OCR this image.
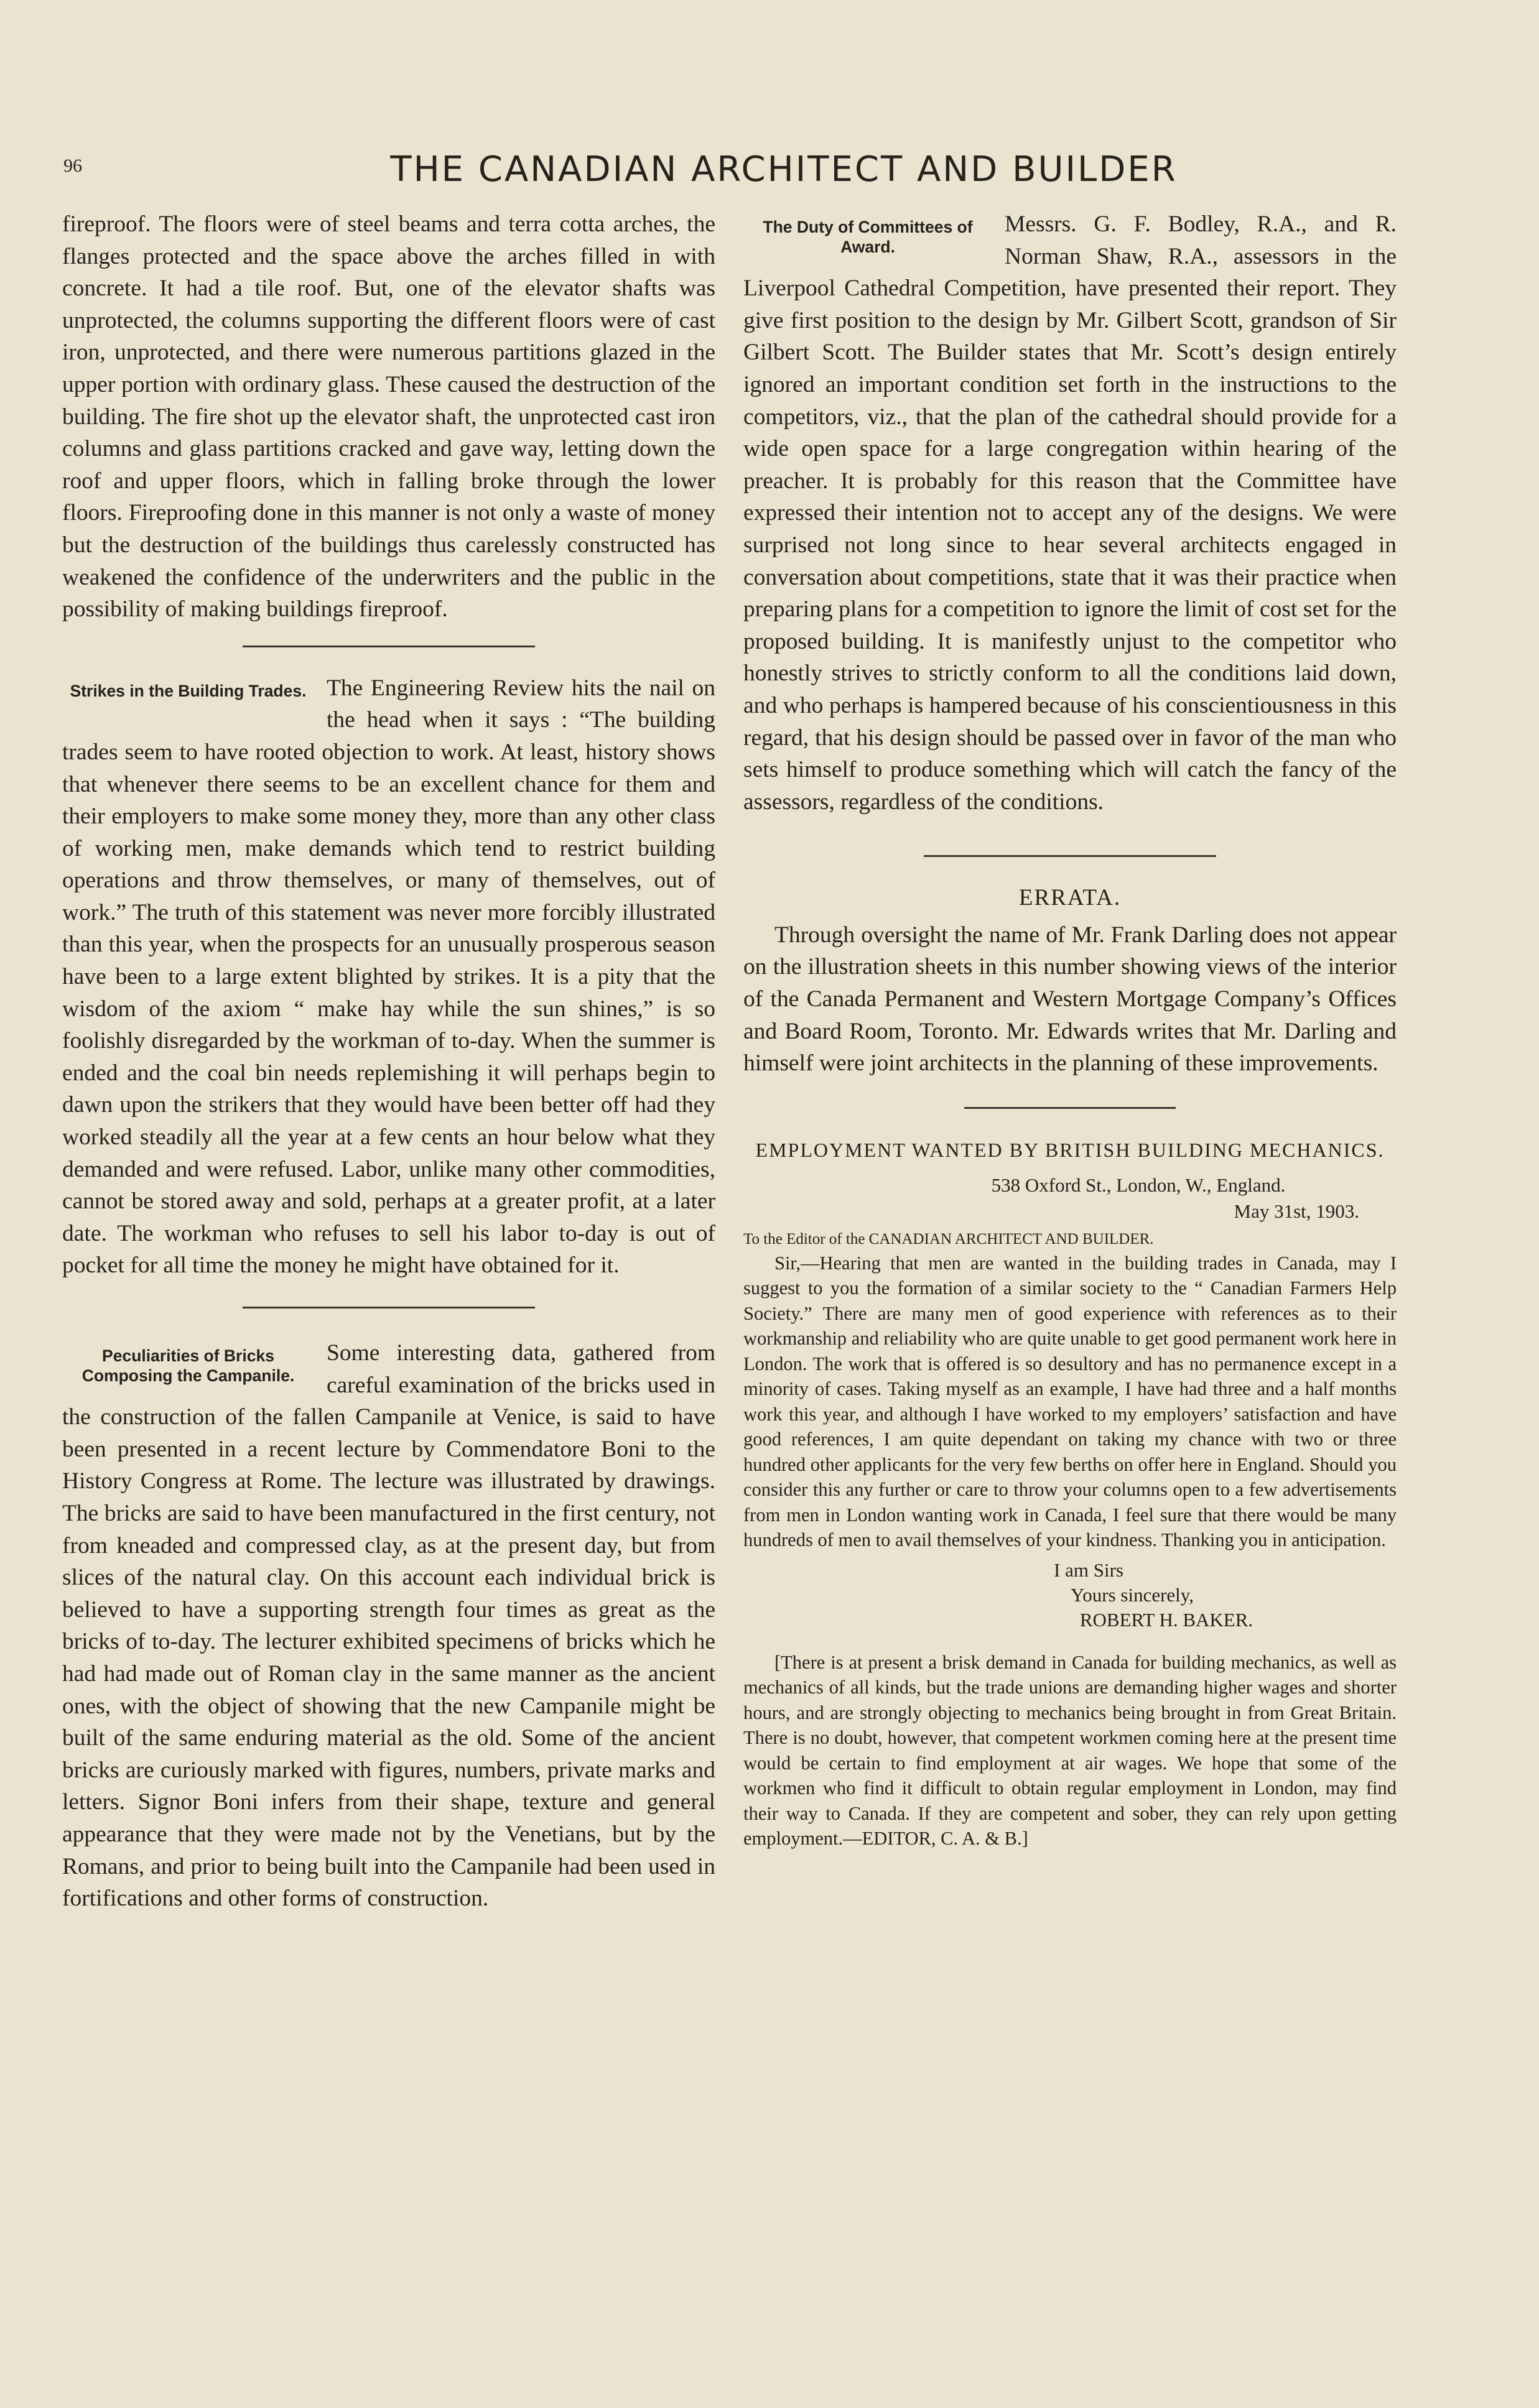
96	THE CANADIAN ARCHITECT AND BUILDER

fireproof. The floors were of steel beams and terra cotta arches, the flanges protected and the space above the arches filled in with concrete. It had a tile roof. But, one of the elevator shafts was unprotected, the columns supporting the different floors were of cast iron, unprotected, and there were numerous partitions glazed in the upper portion with ordinary glass. These caused the destruction of the building. The fire shot up the elevator shaft, the unprotected cast iron columns and glass partitions cracked and gave way, letting down the roof and upper floors, which in falling broke through the lower floors. Fireproofing done in this manner is not only a waste of money but the destruction of the buildings thus carelessly constructed has weakened the confidence of the underwriters and the public in the possibility of making buildings fireproof.

Strikes in the Building Trades. The Engineering Review hits the nail on the head when it says : “The building trades seem to have rooted objection to work. At least, history shows that whenever there seems to be an excellent chance for them and their employers to make some money they, more than any other class of working men, make demands which tend to restrict building operations and throw themselves, or many of themselves, out of work.” The truth of this statement was never more forcibly illustrated than this year, when the prospects for an unusually prosperous season have been to a large extent blighted by strikes. It is a pity that the wisdom of the axiom “ make hay while the sun shines,” is so foolishly disregarded by the workman of to-day. When the summer is ended and the coal bin needs replemishing it will perhaps begin to dawn upon the strikers that they would have been better off had they worked steadily all the year at a few cents an hour below what they demanded and were refused. Labor, unlike many other commodities, cannot be stored away and sold, perhaps at a greater profit, at a later date. The workman who refuses to sell his labor to-day is out of pocket for all time the money he might have obtained for it.

Peculiarities of Bricks Composing the Campanile.

Some interesting data, gathered from careful examination of the bricks used in the construction of the fallen Campanile at Venice, is said to have been presented in a recent lecture by Commendatore Boni to the History Congress at Rome. The lecture was illustrated by drawings. The bricks are said to have been manufactured in the first century, not from kneaded and compressed clay, as at the present day, but from slices of the natural clay. On this account each individual brick is believed to have a supporting strength four times as great as the bricks of to-day. The lecturer exhibited specimens of bricks which he had had made out of Roman clay in the same manner as the ancient ones, with the object of showing that the new Campanile might be built of the same enduring material as the old. Some of the ancient bricks are curiously marked with figures, numbers, private marks and letters. Signor Boni infers from their shape, texture and general appearance that they were made not by the Venetians, but by the Romans, and prior to being built into the Campanile had been used in fortifications and other forms of construction.

The Duty of Committees of Award.

Messrs. G. F. Bodley, R.A., and R. Norman Shaw, R.A., assessors in the Liverpool Cathedral Competition, have presented their report. They give first position to the design by Mr. Gilbert Scott, grandson of Sir Gilbert Scott. The Builder states that Mr. Scott’s design entirely ignored an important condition set forth in the instructions to the competitors, viz., that the plan of the cathedral should provide for a wide open space for a large congregation within hearing of the preacher. It is probably for this reason that the Committee have expressed their intention not to accept any of the designs. We were surprised not long since to hear several architects engaged in conversation about competitions, state that it was their practice when preparing plans for a competition to ignore the limit of cost set for the proposed building. It is manifestly unjust to the competitor who honestly strives to strictly conform to all the conditions laid down, and who perhaps is hampered because of his conscientiousness in this regard, that his design should be passed over in favor of the man who sets himself to produce something which will catch the fancy of the assessors, regardless of the conditions.

ERRATA.

Through oversight the name of Mr. Frank Darling does not appear on the illustration sheets in this number showing views of the interior of the Canada Permanent and Western Mortgage Company’s Offices and Board Room, Toronto. Mr. Edwards writes that Mr. Darling and himself were joint architects in the planning of these improvements.

EMPLOYMENT WANTED BY BRITISH BUILDING MECHANICS.
538 Oxford St., London, W., England.
May 31st, 1903.
To the Editor of the CANADIAN ARCHITECT AND BUILDER.

Sir,—Hearing that men are wanted in the building trades in Canada, may I suggest to you the formation of a similar society to the “ Canadian Farmers Help Society.” There are many men of good experience with references as to their workmanship and reliability who are quite unable to get good permanent work here in London. The work that is offered is so desultory and has no permanence except in a minority of cases. Taking myself as an example, I have had three and a half months work this year, and although I have worked to my employers’ satisfaction and have good references, I am quite dependant on taking my chance with two or three hundred other applicants for the very few berths on offer here in England. Should you consider this any further or care to throw your columns open to a few advertisements from men in London wanting work in Canada, I feel sure that there would be many hundreds of men to avail themselves of your kindness. Thanking you in anticipation.

I am Sirs
Yours sincerely,
ROBERT H. BAKER.

[There is at present a brisk demand in Canada for building mechanics, as well as mechanics of all kinds, but the trade unions are demanding higher wages and shorter hours, and are strongly objecting to mechanics being brought in from Great Britain. There is no doubt, however, that competent workmen coming here at the present time would be certain to find employment at air wages. We hope that some of the workmen who find it difficult to obtain regular employment in London, may find their way to Canada. If they are competent and sober, they can rely upon getting employment.—EDITOR, C. A. & B.]
